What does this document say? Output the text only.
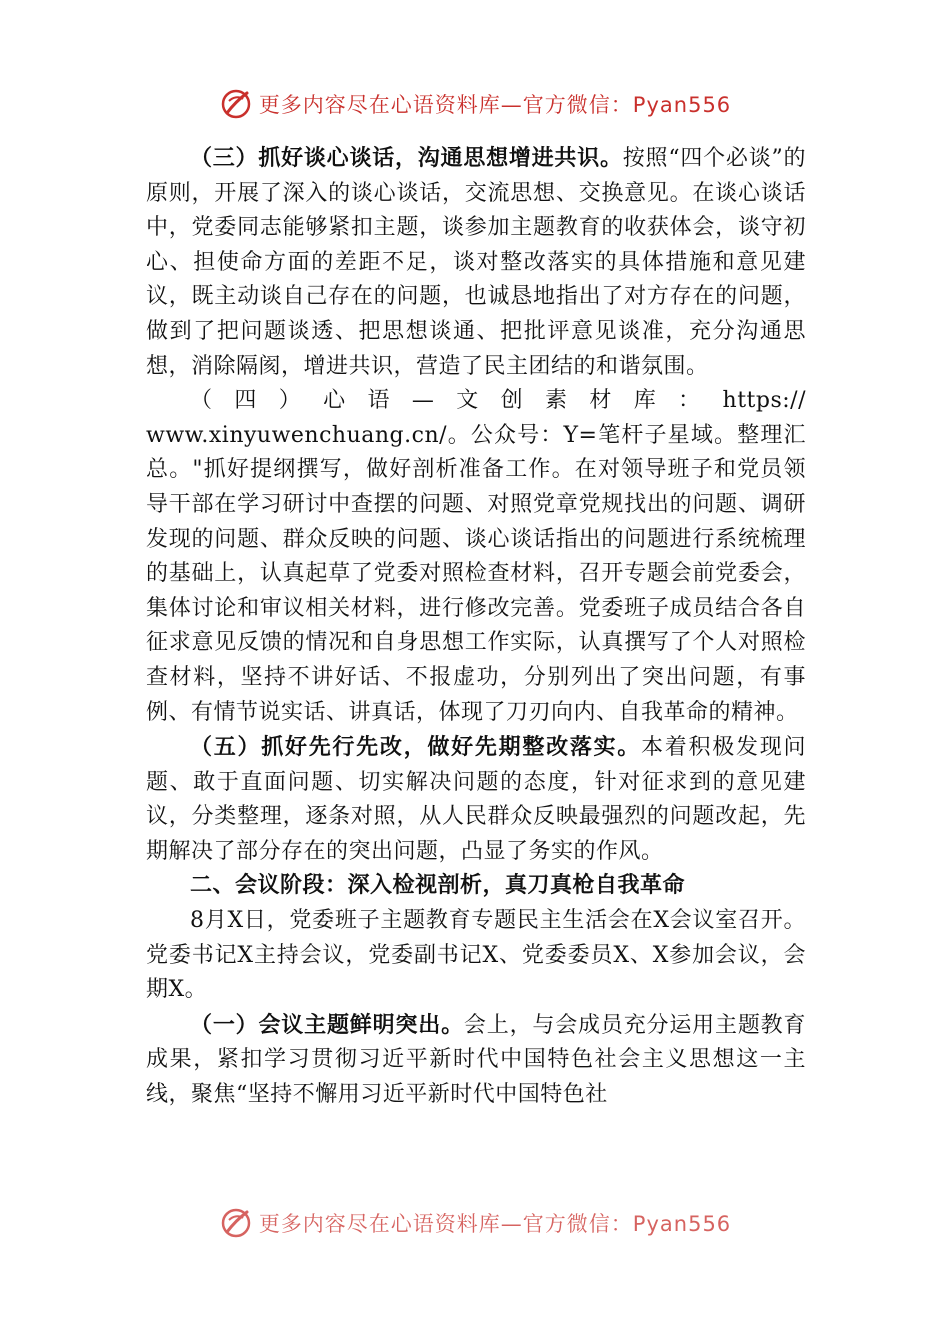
更多内容尽在心语资料库—官方微信：Pyan556

（三）抓好谈心谈话，沟通思想增进共识。按照“四个必谈”的原则，开展了深入的谈心谈话，交流思想、交换意见。在谈心谈话中，党委同志能够紧扣主题，谈参加主题教育的收获体会，谈守初心、担使命方面的差距不足，谈对整改落实的具体措施和意见建议，既主动谈自己存在的问题，也诚恳地指出了对方存在的问题，做到了把问题谈透、把思想谈通、把批评意见谈准，充分沟通思想，消除隔阂，增进共识，营造了民主团结的和谐氛围。

（四）心语—文创素材库：https://

www.xinyuwenchuang.cn/。公众号：Y=笔杆子星域。整理汇总。"抓好提纲撰写，做好剖析准备工作。在对领导班子和党员领导干部在学习研讨中查摆的问题、对照党章党规找出的问题、调研发现的问题、群众反映的问题、谈心谈话指出的问题进行系统梳理的基础上，认真起草了党委对照检查材料，召开专题会前党委会，集体讨论和审议相关材料，进行修改完善。党委班子成员结合各自征求意见反馈的情况和自身思想工作实际，认真撰写了个人对照检查材料，坚持不讲好话、不报虚功，分别列出了突出问题，有事例、有情节说实话、讲真话，体现了刀刃向内、自我革命的精神。

（五）抓好先行先改，做好先期整改落实。本着积极发现问题、敢于直面问题、切实解决问题的态度，针对征求到的意见建议，分类整理，逐条对照，从人民群众反映最强烈的问题改起，先期解决了部分存在的突出问题，凸显了务实的作风。

二、会议阶段：深入检视剖析，真刀真枪自我革命

8月X日，党委班子主题教育专题民主生活会在X会议室召开。党委书记X主持会议，党委副书记X、党委委员X、X参加会议，会期X。

（一）会议主题鲜明突出。会上，与会成员充分运用主题教育成果，紧扣学习贯彻习近平新时代中国特色社会主义思想这一主线，聚焦“坚持不懈用习近平新时代中国特色社

更多内容尽在心语资料库—官方微信：Pyan556
